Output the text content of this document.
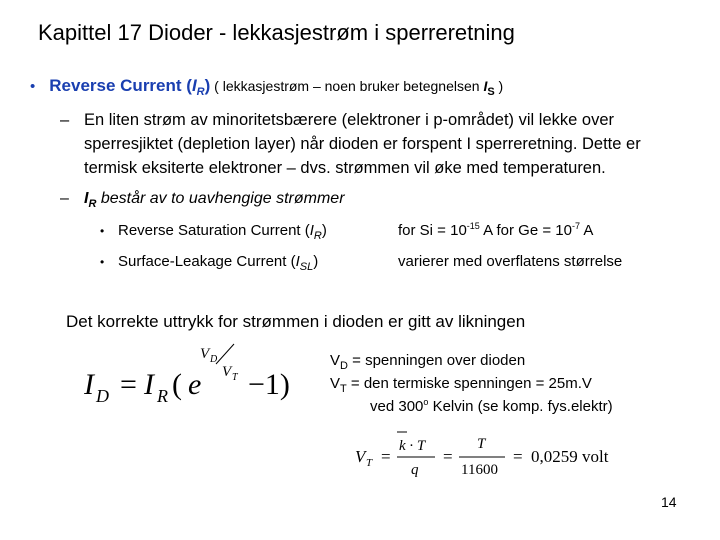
Kapittel 17 Dioder - lekkasjestrøm i sperreretning
• Reverse Current $(I_R)$ ( lekkasjestrøm – noen bruker betegnelsen $I_S$ )
– En liten strøm av minoritetsbærere (elektroner i p-området) vil lekke over
sperresjiktet (depletion layer) når dioden er forspent I sperreretning. Dette er
termisk eksiterte elektroner – dvs. strømmen vil øke med temperaturen.
– $I_R$ består av to uavhengige strømmer
• Reverse Saturation Current $(I_R)$	for $Si = 10^{-15}$ A for $Ge = 10^{-7}$ A
• Surface-Leakage Current $(I_{SL})$	varierer med overflatens størrelse
Det korrekte uttrykk for strømmen i dioden er gitt av likningen
I D = I R ( e
V D
V T −1)
$V_D$ = spenningen over dioden
$V_T$ = den termiske spenningen = 25m.V
ved 300$^o$ Kelvin (se komp. fys.elektr)
V T =
k · T
q
=
T
11600
= 0,0259 volt
14
